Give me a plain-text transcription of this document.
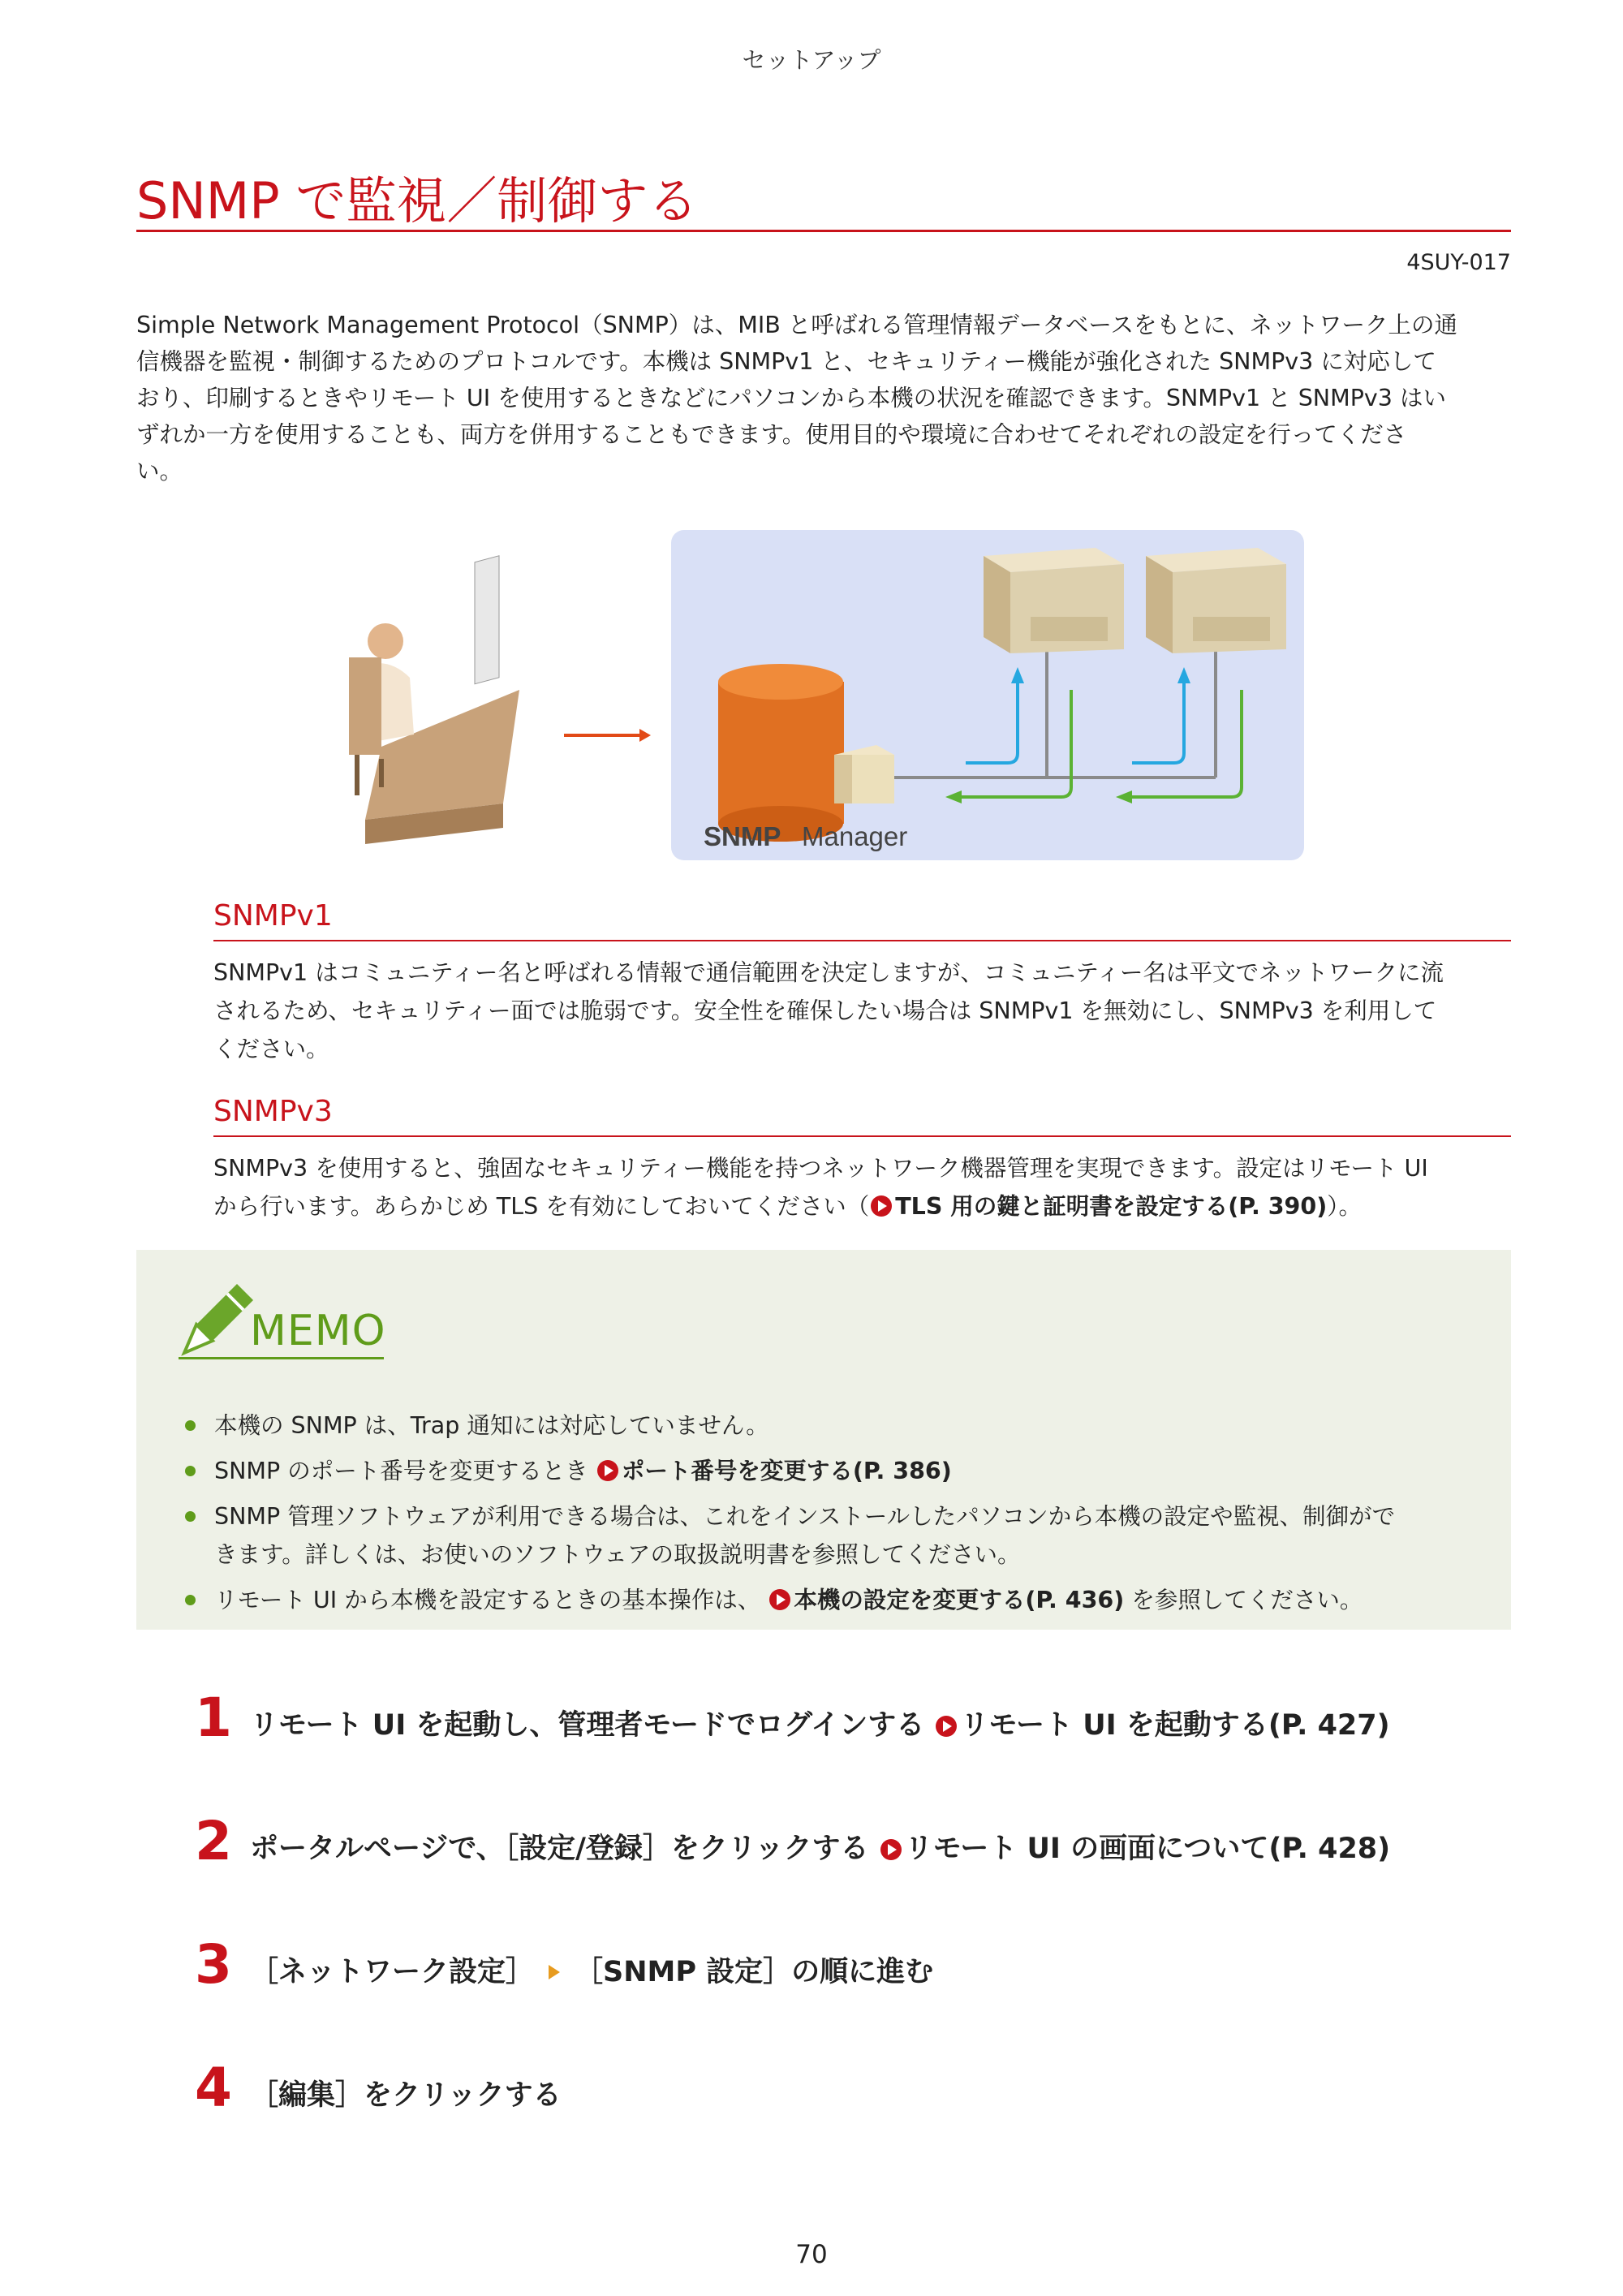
セットアップ
SNMP で監視／制御する
4SUY-017

Simple Network Management Protocol（SNMP）は、MIB と呼ばれる管理情報データベースをもとに、ネットワーク上の通

信機器を監視・制御するためのプロトコルです。本機は SNMPv1 と、セキュリティー機能が強化された SNMPv3 に対応して

おり、印刷するときやリモート UI を使用するときなどにパソコンから本機の状況を確認できます。SNMPv1 と SNMPv3 はい

ずれか一方を使用することも、両方を併用することもできます。使用目的や環境に合わせてそれぞれの設定を行ってくださ

い。

SNMP Manager
SNMPv1

SNMPv1 はコミュニティー名と呼ばれる情報で通信範囲を決定しますが、コミュニティー名は平文でネットワークに流

されるため、セキュリティー面では脆弱です。安全性を確保したい場合は SNMPv1 を無効にし、SNMPv3 を利用して

ください。

SNMPv3

SNMPv3 を使用すると、強固なセキュリティー機能を持つネットワーク機器管理を実現できます。設定はリモート UI

から行います。あらかじめ TLS を有効にしておいてください（ TLS 用の鍵と証明書を設定する(P. 390)）。

MEMO
本機の SNMP は、Trap 通知には対応していません。
SNMP のポート番号を変更するとき ポート番号を変更する(P. 386)
SNMP 管理ソフトウェアが利用できる場合は、これをインストールしたパソコンから本機の設定や監視、制御がで
きます。詳しくは、お使いのソフトウェアの取扱説明書を参照してください。
リモート UI から本機を設定するときの基本操作は、 本機の設定を変更する(P. 436) を参照してください。
1 リモート UI を起動し、管理者モードでログインする リモート UI を起動する(P. 427)
2 ポータルページで、［設定/登録］をクリックする リモート UI の画面について(P. 428)
3 ［ネットワーク設定］ ［SNMP 設定］の順に進む
4 ［編集］をクリックする
70
